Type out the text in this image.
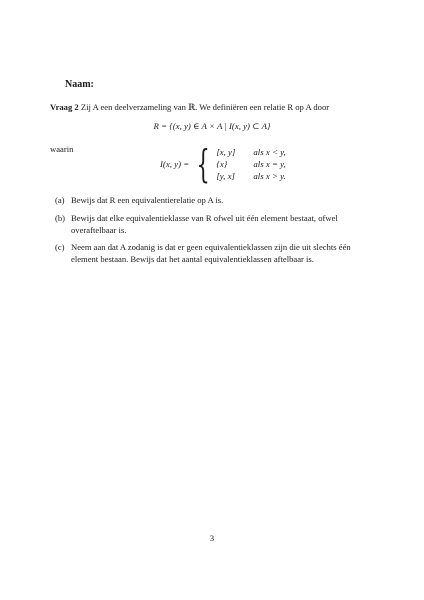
Naam:
Vraag 2 Zij A een deelverzameling van ℝ. We definiëren een relatie R op A door
R = {(x, y) ∈ A × A | I(x, y) ⊂ A}
waarin
I(x, y) = { [x, y]	als x < y,
{x}	als x = y,
[y, x]	als x > y.
(a) Bewijs dat R een equivalentierelatie op A is.
(b) Bewijs dat elke equivalentieklasse van R ofwel uit één element bestaat, ofwel overaftelbaar is.
(c) Neem aan dat A zodanig is dat er geen equivalentieklassen zijn die uit slechts één element bestaan. Bewijs dat het aantal equivalentieklassen aftelbaar is.
3
